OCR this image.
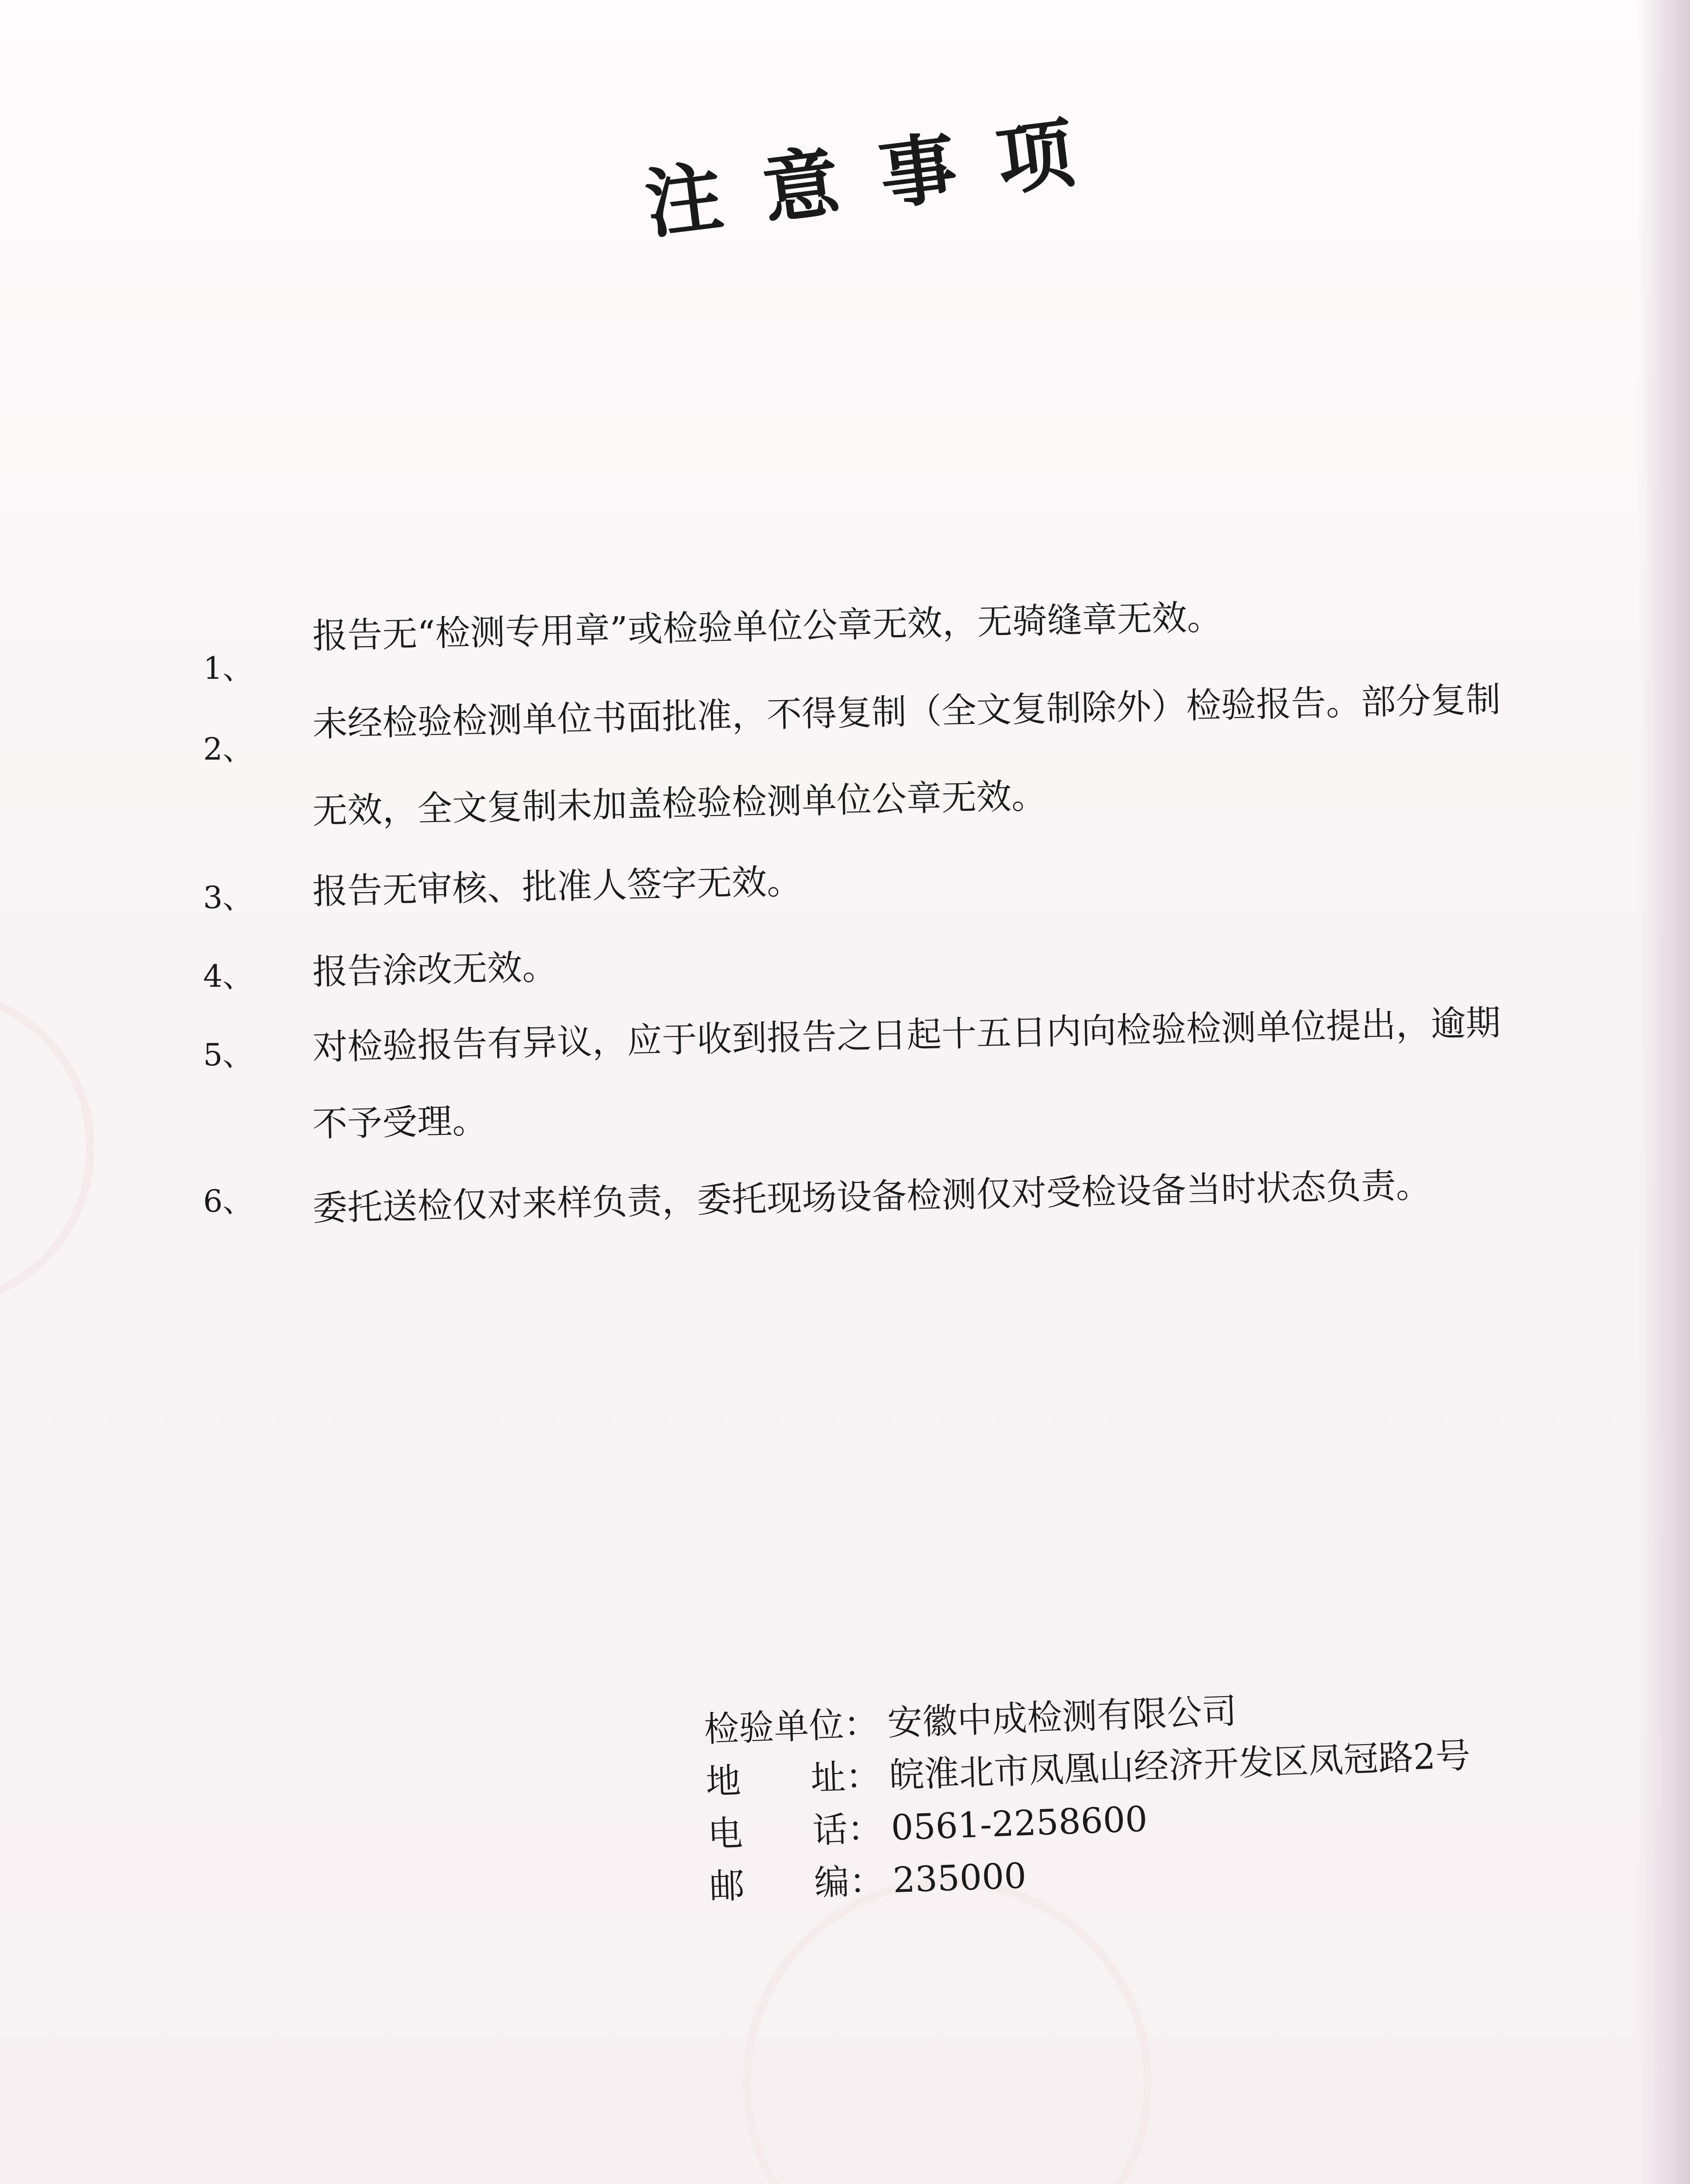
注意事项
1、
报告无“检测专用章”或检验单位公章无效，无骑缝章无效。
2、
未经检验检测单位书面批准，不得复制（全文复制除外）检验报告。部分复制
无效，全文复制未加盖检验检测单位公章无效。
3、 报告无审核、批准人签字无效。
4、 报告涂改无效。
5、 对检验报告有异议，应于收到报告之日起十五日内向检验检测单位提出，逾期
不予受理。
6、 委托送检仅对来样负责，委托现场设备检测仅对受检设备当时状态负责。
检验单位： 安徽中成检测有限公司
地　　址： 皖淮北市凤凰山经济开发区凤冠路2号
电　　话： 0561-2258600
邮　　编： 235000
